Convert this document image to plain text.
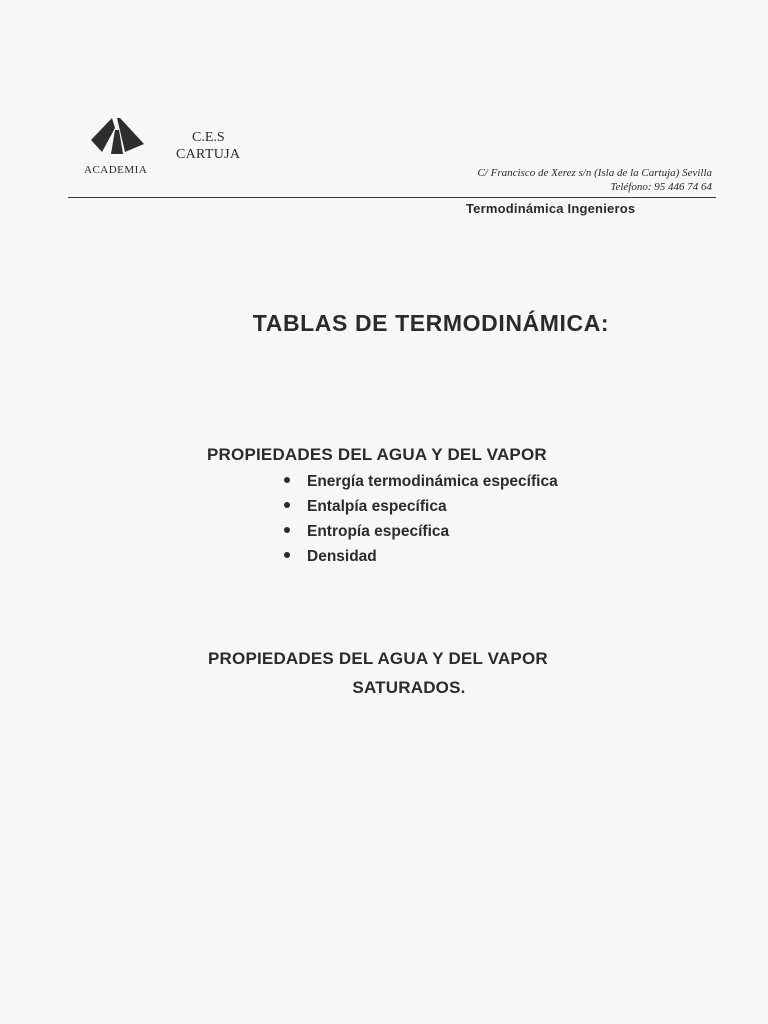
ACADEMIA
C.E.S
CARTUJA
C/ Francisco de Xerez s/n (Isla de la Cartuja) Sevilla
Teléfono: 95 446 74 64
Termodinámica Ingenieros
TABLAS DE TERMODINÁMICA:
PROPIEDADES DEL AGUA Y DEL VAPOR
Energía termodinámica específica
Entalpía específica
Entropía específica
Densidad
PROPIEDADES DEL AGUA Y DEL VAPOR
SATURADOS.
